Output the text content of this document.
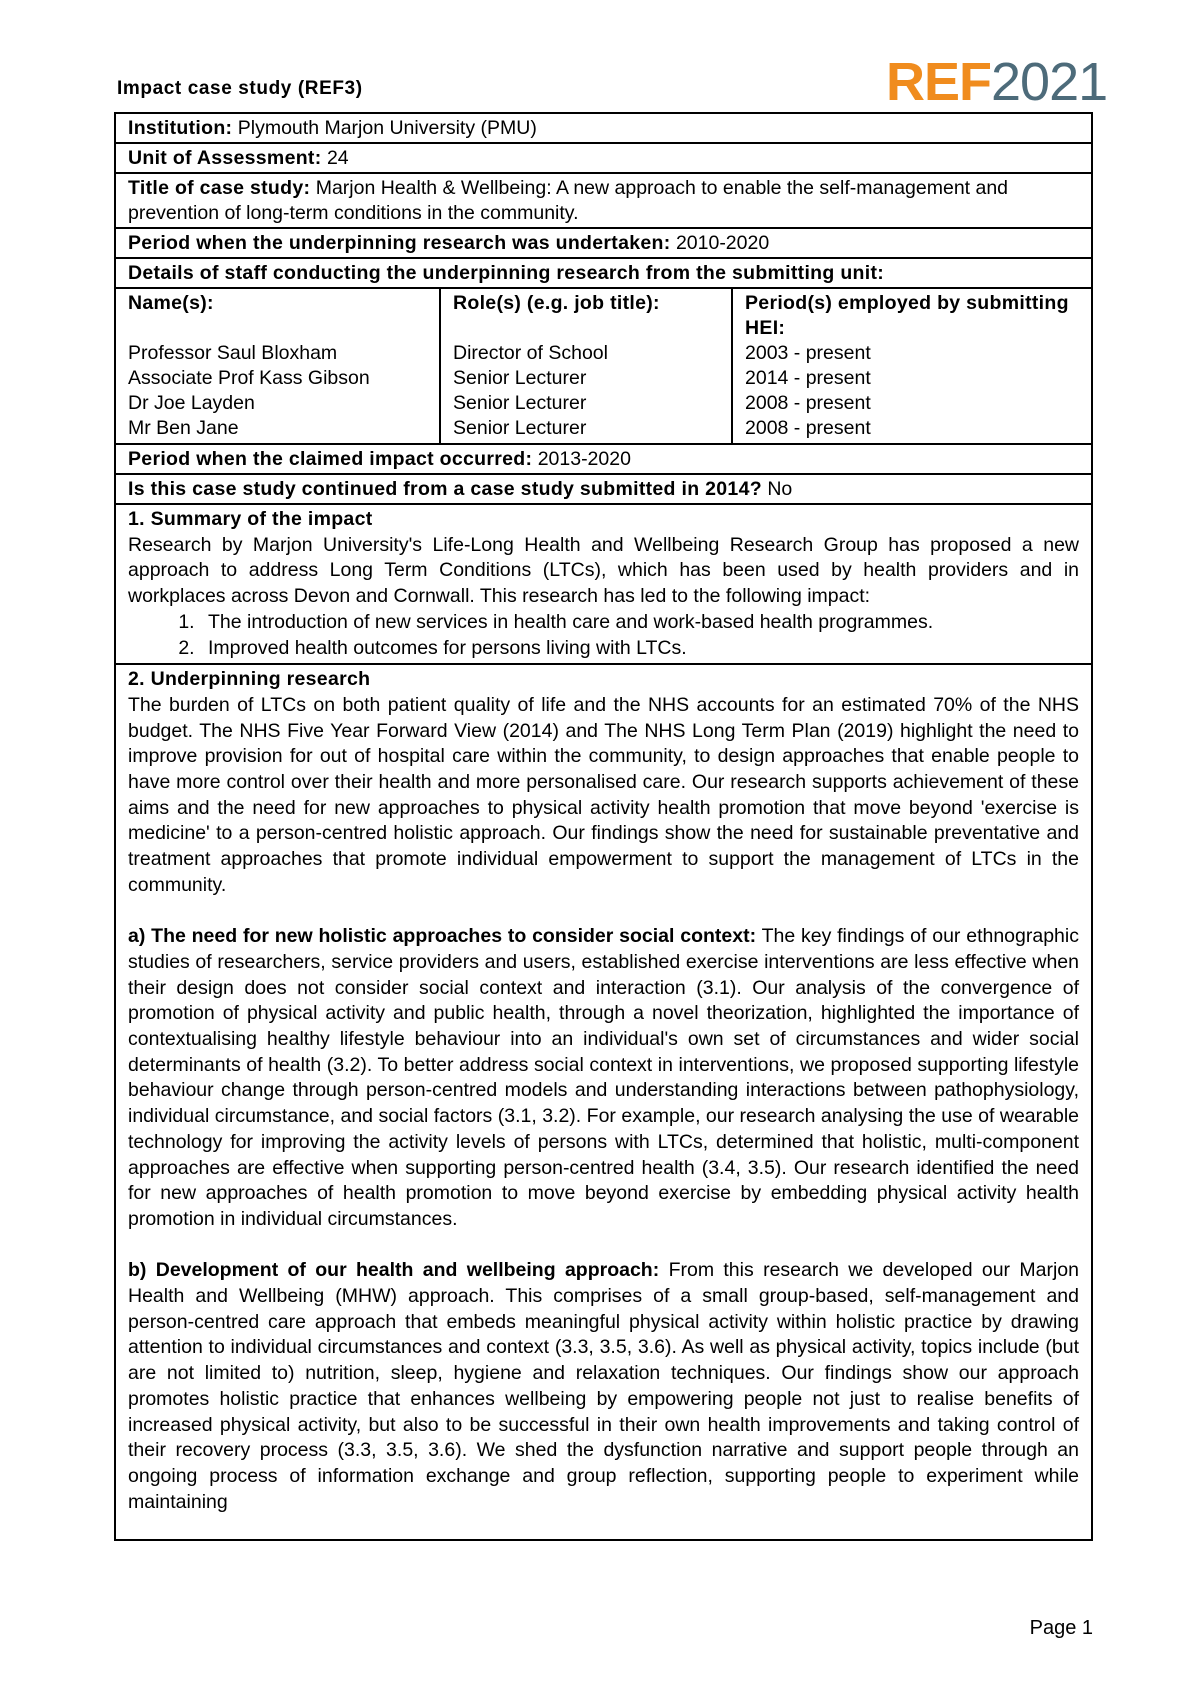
Impact case study (REF3)	REF2021
Institution: Plymouth Marjon University (PMU)
Unit of Assessment: 24
Title of case study: Marjon Health & Wellbeing: A new approach to enable the self-management and prevention of long-term conditions in the community.
Period when the underpinning research was undertaken: 2010-2020
Details of staff conducting the underpinning research from the submitting unit:
Name(s):
Professor Saul Bloxham
Associate Prof Kass Gibson
Dr Joe Layden
Mr Ben Jane
Role(s) (e.g. job title):
Director of School
Senior Lecturer
Senior Lecturer
Senior Lecturer
Period(s) employed by submitting HEI:
2003 - present
2014 - present
2008 - present
2008 - present
Period when the claimed impact occurred: 2013-2020
Is this case study continued from a case study submitted in 2014? No
1. Summary of the impact

Research by Marjon University's Life-Long Health and Wellbeing Research Group has proposed a new approach to address Long Term Conditions (LTCs), which has been used by health providers and in workplaces across Devon and Cornwall. This research has led to the following impact:

1. The introduction of new services in health care and work-based health programmes.
2. Improved health outcomes for persons living with LTCs.
2. Underpinning research

The burden of LTCs on both patient quality of life and the NHS accounts for an estimated 70% of the NHS budget. The NHS Five Year Forward View (2014) and The NHS Long Term Plan (2019) highlight the need to improve provision for out of hospital care within the community, to design approaches that enable people to have more control over their health and more personalised care. Our research supports achievement of these aims and the need for new approaches to physical activity health promotion that move beyond 'exercise is medicine' to a person-centred holistic approach. Our findings show the need for sustainable preventative and treatment approaches that promote individual empowerment to support the management of LTCs in the community.

a) The need for new holistic approaches to consider social context: The key findings of our ethnographic studies of researchers, service providers and users, established exercise interventions are less effective when their design does not consider social context and interaction (3.1). Our analysis of the convergence of promotion of physical activity and public health, through a novel theorization, highlighted the importance of contextualising healthy lifestyle behaviour into an individual's own set of circumstances and wider social determinants of health (3.2). To better address social context in interventions, we proposed supporting lifestyle behaviour change through person-centred models and understanding interactions between pathophysiology, individual circumstance, and social factors (3.1, 3.2). For example, our research analysing the use of wearable technology for improving the activity levels of persons with LTCs, determined that holistic, multi-component approaches are effective when supporting person-centred health (3.4, 3.5). Our research identified the need for new approaches of health promotion to move beyond exercise by embedding physical activity health promotion in individual circumstances.

b) Development of our health and wellbeing approach: From this research we developed our Marjon Health and Wellbeing (MHW) approach. This comprises of a small group-based, self-management and person-centred care approach that embeds meaningful physical activity within holistic practice by drawing attention to individual circumstances and context (3.3, 3.5, 3.6). As well as physical activity, topics include (but are not limited to) nutrition, sleep, hygiene and relaxation techniques. Our findings show our approach promotes holistic practice that enhances wellbeing by empowering people not just to realise benefits of increased physical activity, but also to be successful in their own health improvements and taking control of their recovery process (3.3, 3.5, 3.6). We shed the dysfunction narrative and support people through an ongoing process of information exchange and group reflection, supporting people to experiment while maintaining

Page 1
